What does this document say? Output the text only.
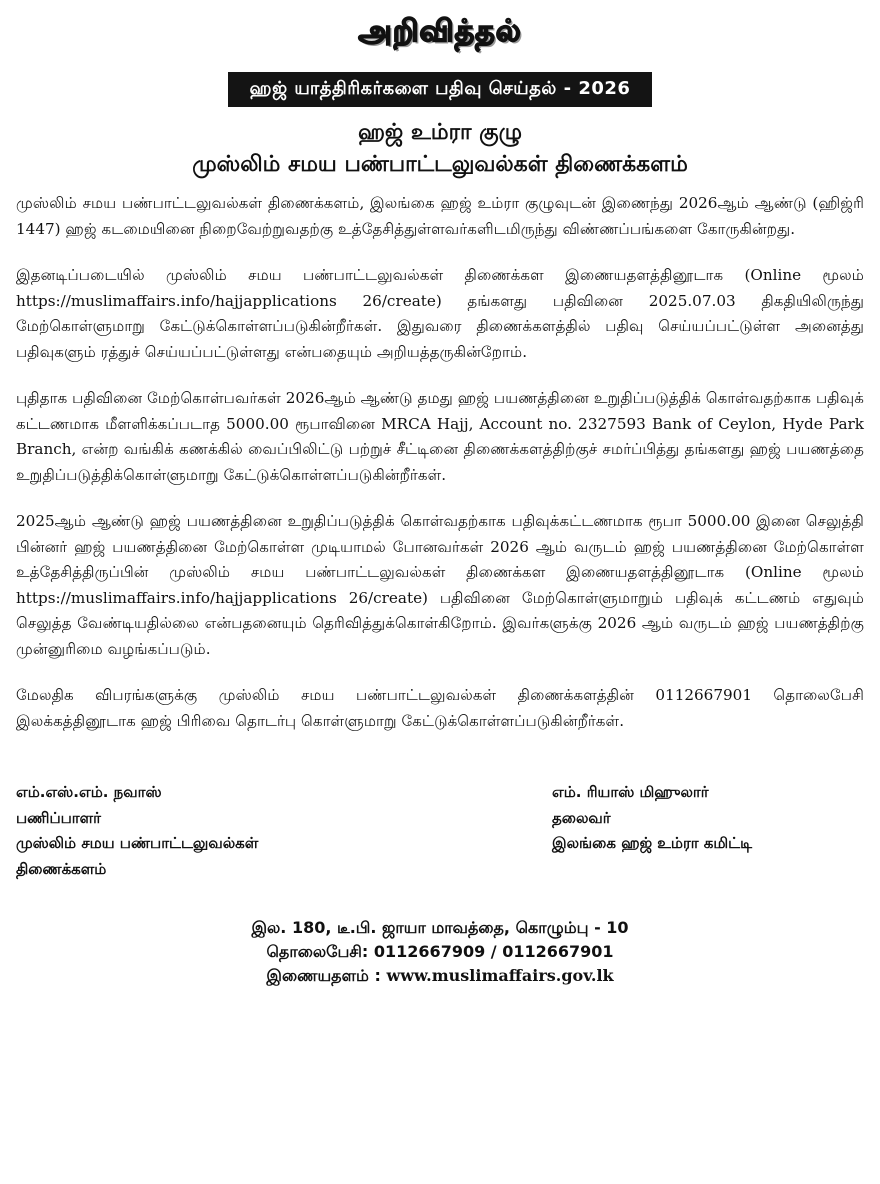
அறிவித்தல்
ஹஜ் யாத்திரிகர்களை பதிவு செய்தல் - 2026
ஹஜ் உம்ரா குழு
முஸ்லிம் சமய பண்பாட்டலுவல்கள் திணைக்களம்

முஸ்லிம் சமய பண்பாட்டலுவல்கள் திணைக்களம், இலங்கை ஹஜ் உம்ரா குழுவுடன் இணைந்து 2026ஆம் ஆண்டு (ஹிஜ்ரி 1447) ஹஜ் கடமையினை நிறைவேற்றுவதற்கு உத்தேசித்துள்ளவர்களிடமிருந்து விண்ணப்பங்களை கோருகின்றது.

இதனடிப்படையில் முஸ்லிம் சமய பண்பாட்டலுவல்கள் திணைக்கள இணையதளத்தினூடாக (Online மூலம் https://muslimaffairs.info/hajjapplications 26/create) தங்களது பதிவினை 2025.07.03 திகதியிலிருந்து மேற்கொள்ளுமாறு கேட்டுக்கொள்ளப்படுகின்றீர்கள். இதுவரை திணைக்களத்தில் பதிவு செய்யப்பட்டுள்ள அனைத்து பதிவுகளும் ரத்துச் செய்யப்பட்டுள்ளது என்பதையும் அறியத்தருகின்றோம்.

புதிதாக பதிவினை மேற்கொள்பவர்கள் 2026ஆம் ஆண்டு தமது ஹஜ் பயணத்தினை உறுதிப்படுத்திக் கொள்வதற்காக பதிவுக் கட்டணமாக மீளளிக்கப்படாத 5000.00 ரூபாவினை MRCA Hajj, Account no. 2327593 Bank of Ceylon, Hyde Park Branch, என்ற வங்கிக் கணக்கில் வைப்பிலிட்டு பற்றுச் சீட்டினை திணைக்களத்திற்குச் சமர்ப்பித்து தங்களது ஹஜ் பயணத்தை உறுதிப்படுத்திக்கொள்ளுமாறு கேட்டுக்கொள்ளப்படுகின்றீர்கள்.

2025ஆம் ஆண்டு ஹஜ் பயணத்தினை உறுதிப்படுத்திக் கொள்வதற்காக பதிவுக்கட்டணமாக ரூபா 5000.00 இனை செலுத்தி பின்னர் ஹஜ் பயணத்தினை மேற்கொள்ள முடியாமல் போனவர்கள் 2026 ஆம் வருடம் ஹஜ் பயணத்தினை மேற்கொள்ள உத்தேசித்திருப்பின் முஸ்லிம் சமய பண்பாட்டலுவல்கள் திணைக்கள இணையதளத்தினூடாக (Online மூலம் https://muslimaffairs.info/hajjapplications 26/create) பதிவினை மேற்கொள்ளுமாறும் பதிவுக் கட்டணம் எதுவும் செலுத்த வேண்டியதில்லை என்பதனையும் தெரிவித்துக்கொள்கிறோம். இவர்களுக்கு 2026 ஆம் வருடம் ஹஜ் பயணத்திற்கு முன்னுரிமை வழங்கப்படும்.

மேலதிக விபரங்களுக்கு முஸ்லிம் சமய பண்பாட்டலுவல்கள் திணைக்களத்தின் 0112667901 தொலைபேசி இலக்கத்தினூடாக ஹஜ் பிரிவை தொடர்பு கொள்ளுமாறு கேட்டுக்கொள்ளப்படுகின்றீர்கள்.

எம்.எஸ்.எம். நவாஸ்
பணிப்பாளர்
முஸ்லிம் சமய பண்பாட்டலுவல்கள்
திணைக்களம்
எம். ரியாஸ் மிஹுலார்
தலைவர்
இலங்கை ஹஜ் உம்ரா கமிட்டி
இல. 180, டீ.பி. ஜாயா மாவத்தை, கொழும்பு - 10
தொலைபேசி: 0112667909 / 0112667901
இணையதளம் : www.muslimaffairs.gov.lk
